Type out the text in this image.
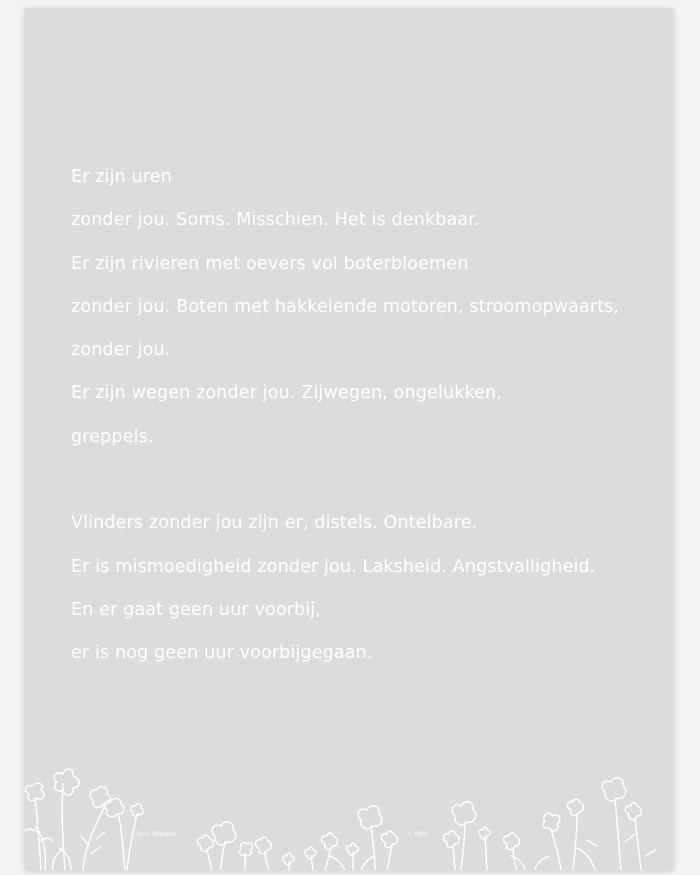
Er zijn uren
zonder jou. Soms. Misschien. Het is denkbaar.
Er zijn rivieren met oevers vol boterbloemen
zonder jou. Boten met hakkelende motoren, stroomopwaarts,
zonder jou.
Er zijn wegen zonder jou. Zijwegen, ongelukken,
greppels.
Vlinders zonder jou zijn er, distels. Ontelbare.
Er is mismoedigheid zonder jou. Laksheid. Angstvalligheid.
En er gaat geen uur voorbij,
er is nog geen uur voorbijgegaan.
Toon Tellegen	© Plint
